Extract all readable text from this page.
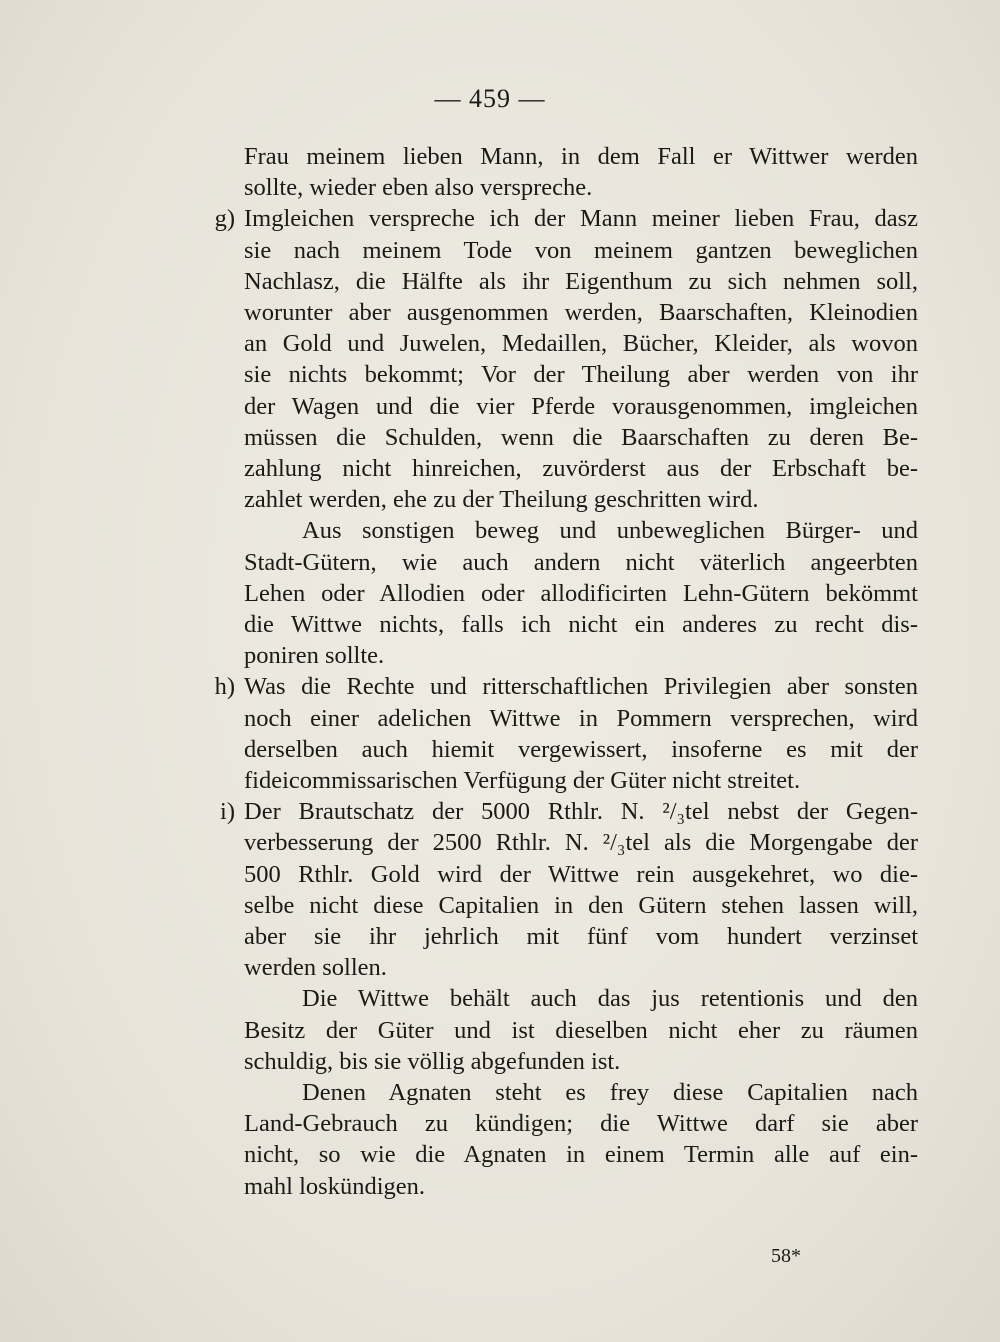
— 459 —
Frau meinem lieben Mann, in dem Fall er Wittwer werden
sollte, wieder eben also verspreche.
g) Imgleichen verspreche ich der Mann meiner lieben Frau, dasz
sie nach meinem Tode von meinem gantzen beweglichen
Nachlasz, die Hälfte als ihr Eigenthum zu sich nehmen soll,
worunter aber ausgenommen werden, Baarschaften, Kleinodien
an Gold und Juwelen, Medaillen, Bücher, Kleider, als wovon
sie nichts bekommt; Vor der Theilung aber werden von ihr
der Wagen und die vier Pferde vorausgenommen, imgleichen
müssen die Schulden, wenn die Baarschaften zu deren Be-
zahlung nicht hinreichen, zuvörderst aus der Erbschaft be-
zahlet werden, ehe zu der Theilung geschritten wird.
Aus sonstigen beweg und unbeweglichen Bürger- und
Stadt-Gütern, wie auch andern nicht väterlich angeerbten
Lehen oder Allodien oder allodificirten Lehn-Gütern bekömmt
die Wittwe nichts, falls ich nicht ein anderes zu recht dis-
poniren sollte.
h) Was die Rechte und ritterschaftlichen Privilegien aber sonsten
noch einer adelichen Wittwe in Pommern versprechen, wird
derselben auch hiemit vergewissert, insoferne es mit der
fideicommissarischen Verfügung der Güter nicht streitet.
i) Der Brautschatz der 5000 Rthlr. N. ²/₃tel nebst der Gegen-
verbesserung der 2500 Rthlr. N. ²/₃tel als die Morgengabe der
500 Rthlr. Gold wird der Wittwe rein ausgekehret, wo die-
selbe nicht diese Capitalien in den Gütern stehen lassen will,
aber sie ihr jehrlich mit fünf vom hundert verzinset
werden sollen.
Die Wittwe behält auch das jus retentionis und den
Besitz der Güter und ist dieselben nicht eher zu räumen
schuldig, bis sie völlig abgefunden ist.
Denen Agnaten steht es frey diese Capitalien nach
Land-Gebrauch zu kündigen; die Wittwe darf sie aber
nicht, so wie die Agnaten in einem Termin alle auf ein-
mahl loskündigen.
58*
